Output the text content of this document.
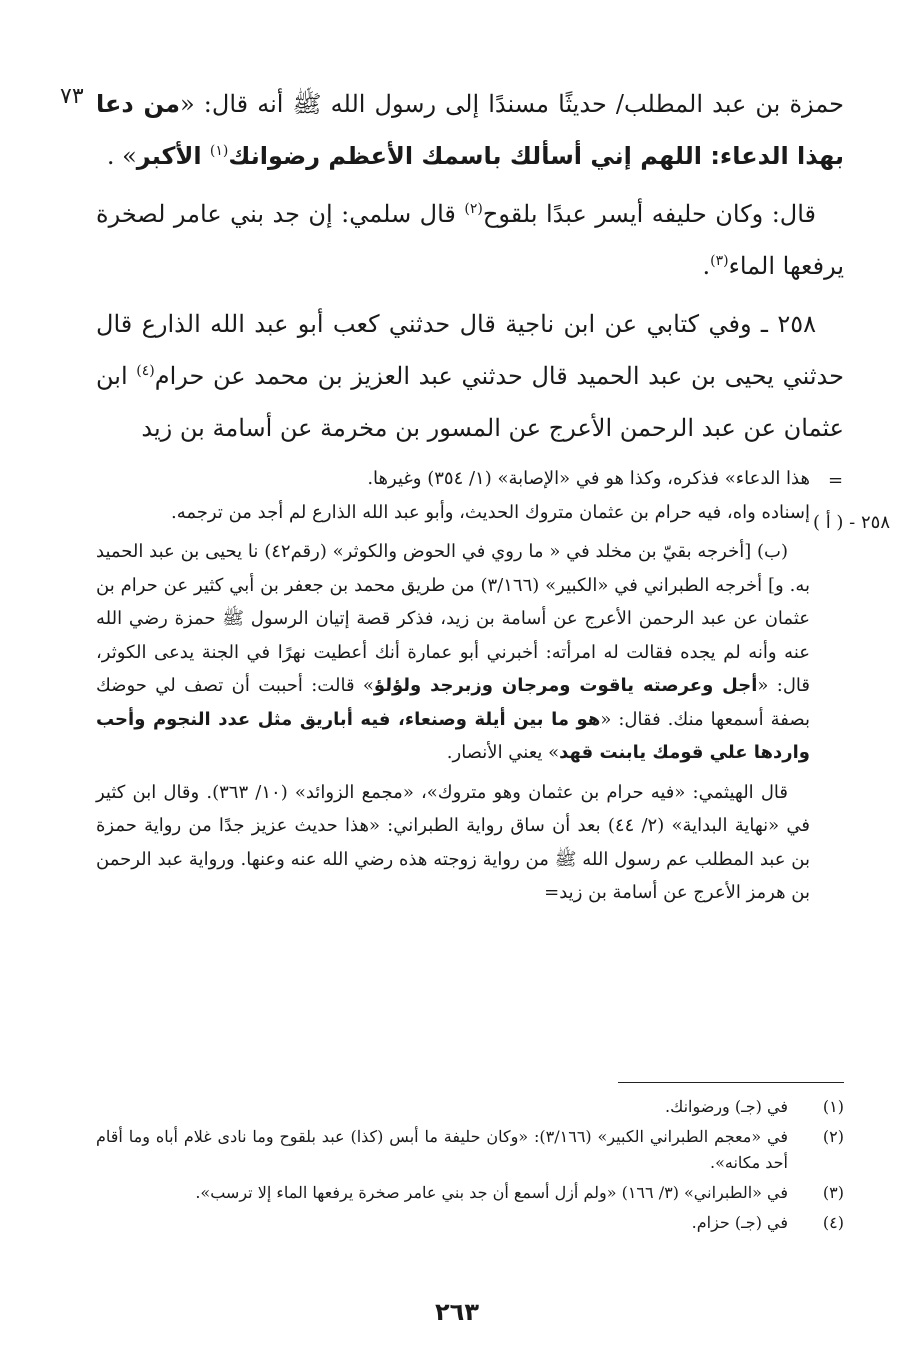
٧٣	حمزة بن عبد المطلب/ حديثًا مسندًا إلى رسول الله ﷺ أنه قال: «من دعا بهذا الدعاء: اللهم إني أسألك باسمك الأعظم رضوانك$^{(١)}$ الأكبر» .

قال: وكان حليفه أيسر عبدًا بلقوح$^{(٢)}$ قال سلمي: إن جد بني عامر لصخرة يرفعها الماء$^{(٣)}$.

٢٥٨ ـ وفي كتابي عن ابن ناجية قال حدثني كعب أبو عبد الله الذارع قال حدثني يحيى بن عبد الحميد قال حدثني عبد العزيز بن محمد عن حرام$^{(٤)}$ ابن عثمان عن عبد الرحمن الأعرج عن المسور بن مخرمة عن أسامة بن زيد

=
٢٥٨ - ( أ )

هذا الدعاء» فذكره، وكذا هو في «الإصابة» (١/ ٣٥٤) وغيرها.

إسناده واه، فيه حرام بن عثمان متروك الحديث، وأبو عبد الله الذارع لم أجد من ترجمه.

(ب) [أخرجه بقيّ بن مخلد في « ما روي في الحوض والكوثر» (رقم٤٢) نا يحيى بن عبد الحميد به. و] أخرجه الطبراني في «الكبير» (٣/١٦٦) من طريق محمد بن جعفر بن أبي كثير عن حرام بن عثمان عن عبد الرحمن الأعرج عن أسامة بن زيد، فذكر قصة إتيان الرسول ﷺ حمزة رضي الله عنه وأنه لم يجده فقالت له امرأته: أخبرني أبو عمارة أنك أعطيت نهرًا في الجنة يدعى الكوثر، قال: «أجل وعرصته ياقوت ومرجان وزبرجد ولؤلؤ» قالت: أحببت أن تصف لي حوضك بصفة أسمعها منك. فقال: «هو ما بين أيلة وصنعاء، فيه أباريق مثل عدد النجوم وأحب واردها علي قومك يابنت قهد» يعني الأنصار.

قال الهيثمي: «فيه حرام بن عثمان وهو متروك»، «مجمع الزوائد» (١٠/ ٣٦٣). وقال ابن كثير في «نهاية البداية» (٢/ ٤٤) بعد أن ساق رواية الطبراني: «هذا حديث عزيز جدًا من رواية حمزة بن عبد المطلب عم رسول الله ﷺ من رواية زوجته هذه رضي الله عنه وعنها. ورواية عبد الرحمن بن هرمز الأعرج عن أسامة بن زيد=

(١)
في (جـ) ورضوانك.
(٢)
في «معجم الطبراني الكبير» (٣/١٦٦): «وكان حليفة ما أبس (كذا) عبد بلقوح وما نادى غلام أباه وما أقام أحد مكانه».
(٣)
في «الطبراني» (٣/ ١٦٦) «ولم أزل أسمع أن جد بني عامر صخرة يرفعها الماء إلا ترسب».
(٤)
في (جـ) حزام.
٢٦٣
